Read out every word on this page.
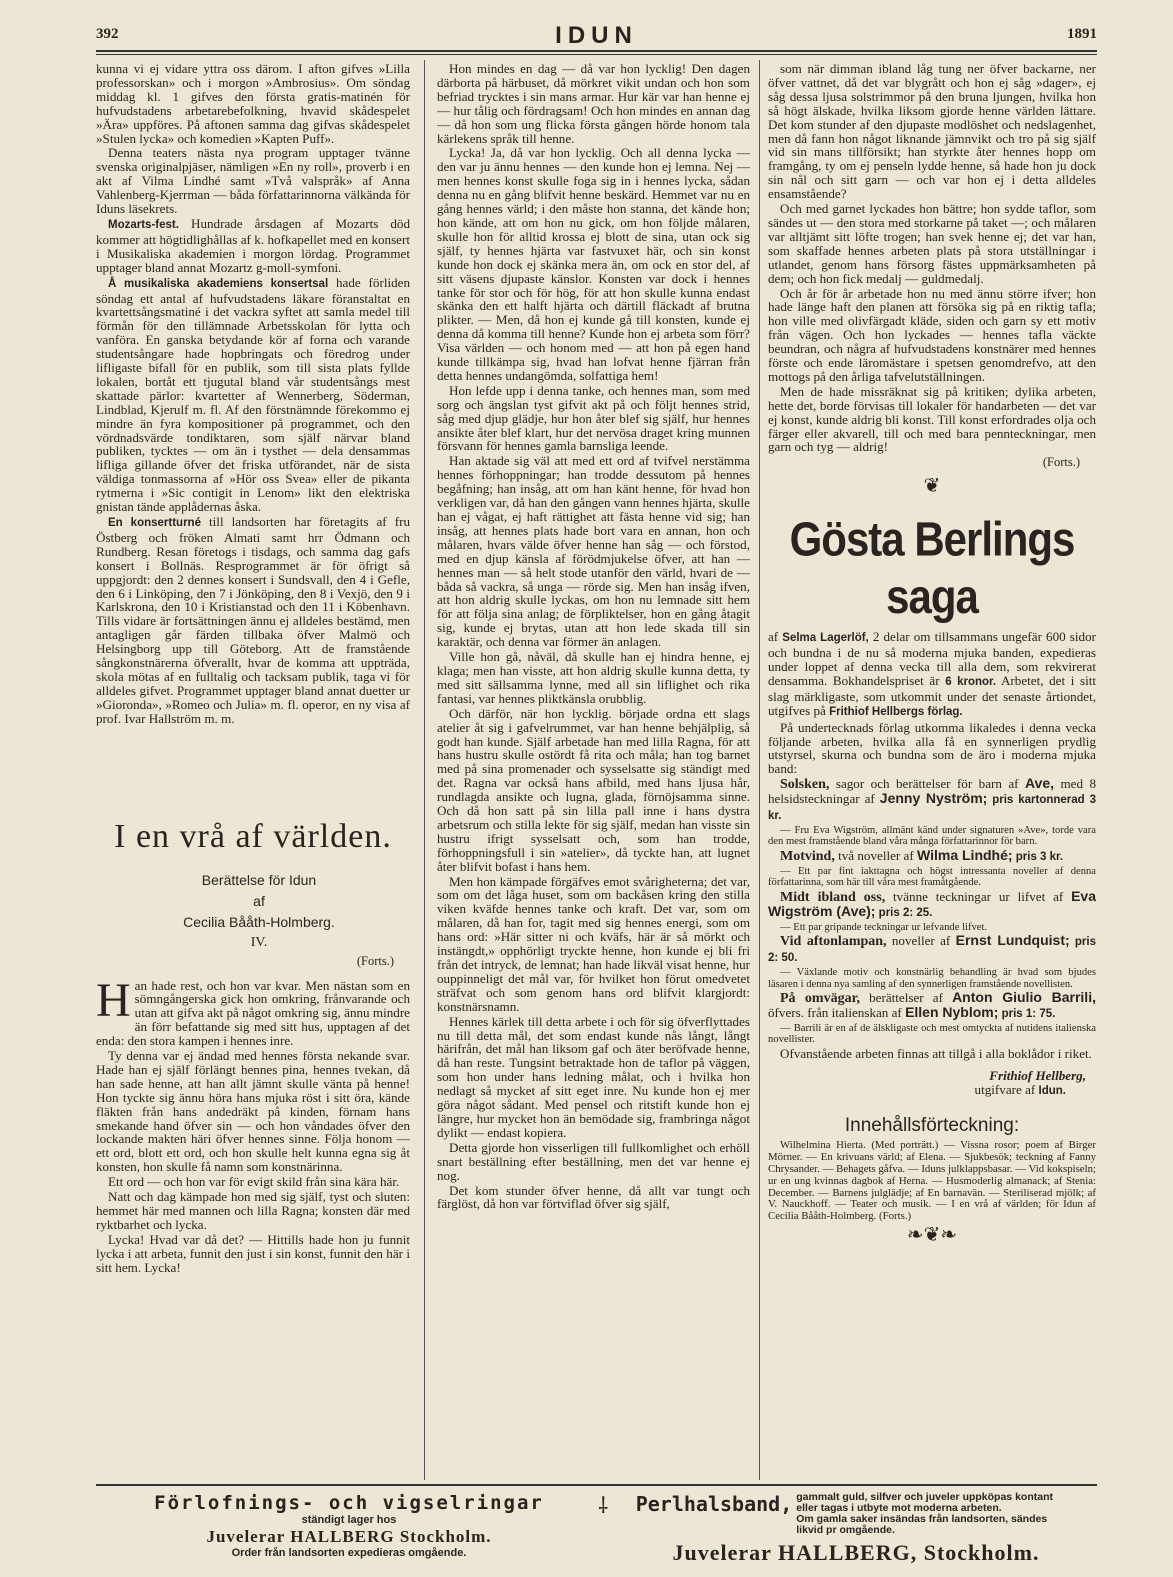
392	IDUN	1891

kunna vi ej vidare yttra oss därom. I afton gifves »Lilla professorskan» och i morgon »Ambrosius». Om söndag middag kl. 1 gifves den första gratis-matinén för hufvudstadens arbetarebefolkning, hvavid skådespelet »Ära» uppföres. På aftonen samma dag gifvas skådespelet »Stulen lycka» och komedien »Kapten Puff».

Denna teaters nästa nya program upptager tvänne svenska originalpjäser, nämligen »En ny roll», proverb i en akt af Vilma Lindhé samt »Två valspråk» af Anna Vahlenberg-Kjerrman — båda författarinnorna välkända för Iduns läsekrets.

Mozarts-fest. Hundrade årsdagen af Mozarts död kommer att högtidlighållas af k. hofkapellet med en konsert i Musikaliska akademien i morgon lördag. Programmet upptager bland annat Mozartz g-moll-symfoni.

Å musikaliska akademiens konsertsal hade förliden söndag ett antal af hufvudstadens läkare föranstaltat en kvartettsångsmatiné i det vackra syftet att samla medel till förmån för den tillämnade Arbetsskolan för lytta och vanföra. En ganska betydande kör af forna och varande studentsångare hade hopbringats och föredrog under lifligaste bifall för en publik, som till sista plats fyllde lokalen, bortåt ett tjugutal bland vår studentsångs mest skattade pärlor: kvartetter af Wennerberg, Söderman, Lindblad, Kjerulf m. fl. Af den förstnämnde förekommo ej mindre än fyra kompositioner på programmet, och den vördnadsvärde tondiktaren, som själf närvar bland publiken, tycktes — om än i tysthet — dela densammas lifliga gillande öfver det friska utförandet, när de sista väldiga tonmassorna af »Hör oss Svea» eller de pikanta rytmerna i »Sic contigit in Lenom» likt den elektriska gnistan tände applådernas åska.

En konsertturné till landsorten har företagits af fru Östberg och fröken Almati samt hrr Ödmann och Rundberg. Resan företogs i tisdags, och samma dag gafs konsert i Bollnäs. Resprogrammet är för öfrigt så uppgjordt: den 2 dennes konsert i Sundsvall, den 4 i Gefle, den 6 i Linköping, den 7 i Jönköping, den 8 i Vexjö, den 9 i Karlskrona, den 10 i Kristianstad och den 11 i Köbenhavn. Tills vidare är fortsättningen ännu ej alldeles bestämd, men antagligen går färden tillbaka öfver Malmö och Helsingborg upp till Göteborg. Att de framstående sångkonstnärerna öfverallt, hvar de komma att uppträda, skola mötas af en fulltalig och tacksam publik, taga vi för alldeles gifvet. Programmet upptager bland annat duetter ur »Gioronda», »Romeo och Julia» m. fl. operor, en ny visa af prof. Ivar Hallström m. m.

I en vrå af världen.

Berättelse för Idun

af

Cecilia Bååth-Holmberg.

IV.

(Forts.)

Han hade rest, och hon var kvar. Men nästan som en sömngångerska gick hon omkring, frånvarande och utan att gifva akt på något omkring sig, ännu mindre än förr befattande sig med sitt hus, upptagen af det enda: den stora kampen i hennes inre.

Ty denna var ej ändad med hennes första nekande svar. Hade han ej själf förlängt hennes pina, hennes tvekan, då han sade henne, att han allt jämnt skulle vänta på henne! Hon tyckte sig ännu höra hans mjuka röst i sitt öra, kände fläkten från hans andedräkt på kinden, förnam hans smekande hand öfver sin — och hon våndades öfver den lockande makten häri öfver hennes sinne. Följa honom — ett ord, blott ett ord, och hon skulle helt kunna egna sig åt konsten, hon skulle få namn som konstnärinna.

Ett ord — och hon var för evigt skild från sina kära här.

Natt och dag kämpade hon med sig själf, tyst och sluten: hemmet här med mannen och lilla Ragna; konsten där med ryktbarhet och lycka.

Lycka! Hvad var då det? — Hittills hade hon ju funnit lycka i att arbeta, funnit den just i sin konst, funnit den här i sitt hem. Lycka!

Hon mindes en dag — då var hon lycklig! Den dagen därborta på härbuset, då mörkret vikit undan och hon som befriad trycktes i sin mans armar. Hur kär var han henne ej — hur tålig och fördragsam! Och hon mindes en annan dag — då hon som ung flicka första gången hörde honom tala kärlekens språk till henne.

Lycka! Ja, då var hon lycklig. Och all denna lycka — den var ju ännu hennes — den kunde hon ej lemna. Nej — men hennes konst skulle foga sig in i hennes lycka, sådan denna nu en gång blifvit henne beskärd. Hemmet var nu en gång hennes värld; i den måste hon stanna, det kände hon; hon kände, att om hon nu gick, om hon följde målaren, skulle hon för alltid krossa ej blott de sina, utan ock sig själf, ty hennes hjärta var fastvuxet här, och sin konst kunde hon dock ej skänka mera än, om ock en stor del, af sitt väsens djupaste känslor. Konsten var dock i hennes tanke för stor och för hög, för att hon skulle kunna endast skänka den ett halft hjärta och därtill fläckadt af brutna plikter. — Men, då hon ej kunde gå till konsten, kunde ej denna då komma till henne? Kunde hon ej arbeta som förr? Visa världen — och honom med — att hon på egen hand kunde tillkämpa sig, hvad han lofvat henne fjärran från detta hennes undangömda, solfattiga hem!

Hon lefde upp i denna tanke, och hennes man, som med sorg och ängslan tyst gifvit akt på och följt hennes strid, såg med djup glädje, hur hon åter blef sig själf, hur hennes ansikte åter blef klart, hur det nervösa draget kring munnen försvann för hennes gamla barnsliga leende.

Han aktade sig väl att med ett ord af tvifvel nerstämma hennes förhoppningar; han trodde dessutom på hennes begåfning; han insåg, att om han känt henne, för hvad hon verkligen var, då han den gången vann hennes hjärta, skulle han ej vågat, ej haft rättighet att fästa henne vid sig; han insåg, att hennes plats hade bort vara en annan, hon och målaren, hvars välde öfver henne han såg — och förstod, med en djup känsla af förödmjukelse öfver, att han — hennes man — så helt stode utanför den värld, hvari de — båda så vackra, så unga — rörde sig. Men han insåg ifven, att hon aldrig skulle lyckas, om hon nu lemnade sitt hem för att följa sina anlag; de förpliktelser, hon en gång åtagit sig, kunde ej brytas, utan att hon lede skada till sin karaktär, och denna var förmer än anlagen.

Ville hon gå, nåväl, då skulle han ej hindra henne, ej klaga; men han visste, att hon aldrig skulle kunna detta, ty med sitt sällsamma lynne, med all sin liflighet och rika fantasi, var hennes pliktkänsla orubblig.

Och därför, när hon lycklig. började ordna ett slags atelier åt sig i gafvelrummet, var han henne behjälplig, så godt han kunde. Själf arbetade han med lilla Ragna, för att hans hustru skulle ostördt få rita och måla; han tog barnet med på sina promenader och sysselsatte sig ständigt med det. Ragna var också hans afbild, med hans ljusa hår, rundlagda ansikte och lugna, glada, förnöjsamma sinne. Och då hon satt på sin lilla pall inne i hans dystra arbetsrum och stilla lekte för sig själf, medan han visste sin hustru ifrigt sysselsatt och, som han trodde, förhoppningsfull i sin »atelier», då tyckte han, att lugnet åter blifvit bofast i hans hem.

Men hon kämpade förgäfves emot svårigheterna; det var, som om det låga huset, som om backåsen kring den stilla viken kväfde hennes tanke och kraft. Det var, som om målaren, då han for, tagit med sig hennes energi, som om hans ord: »Här sitter ni och kväfs, här är så mörkt och instängdt,» opphörligt tryckte henne, hon kunde ej bli fri från det intryck, de lemnat; han hade likväl visat henne, hur ouppinneligt det mål var, för hvilket hon förut omedvetet sträfvat och som genom hans ord blifvit klargjordt: konstnärsnamn.

Hennes kärlek till detta arbete i och för sig öfverflyttades nu till detta mål, det som endast kunde nås långt, långt härifrån, det mål han liksom gaf och äter beröfvade henne, då han reste. Tungsint betraktade hon de taflor på väggen, som hon under hans ledning målat, och i hvilka hon nedlagt så mycket af sitt eget inre. Nu kunde hon ej mer göra något sådant. Med pensel och ritstift kunde hon ej längre, hur mycket hon än bemödade sig, frambringa något dylikt — endast kopiera.

Detta gjorde hon visserligen till fullkomlighet och erhöll snart beställning efter beställning, men det var henne ej nog.

Det kom stunder öfver henne, då allt var tungt och färglöst, då hon var förtviflad öfver sig själf,

som när dimman ibland låg tung ner öfver backarne, ner öfver vattnet, då det var blygrått och hon ej såg »dager», ej såg dessa ljusa solstrimmor på den bruna ljungen, hvilka hon så högt älskade, hvilka liksom gjorde henne världen lättare. Det kom stunder af den djupaste modlöshet och nedslagenhet, men då fann hon något liknande jämnvikt och tro på sig själf vid sin mans tillförsikt; han styrkte åter hennes hopp om framgång, ty om ej penseln lydde henne, så hade hon ju dock sin nål och sitt garn — och var hon ej i detta alldeles ensamstående?

Och med garnet lyckades hon bättre; hon sydde taflor, som sändes ut — den stora med storkarne på taket —; och målaren var alltjämt sitt löfte trogen; han svek henne ej; det var han, som skaffade hennes arbeten plats på stora utställningar i utlandet, genom hans försorg fästes uppmärksamheten på dem; och hon fick medalj — guldmedalj.

Och år för år arbetade hon nu med ännu större ifver; hon hade länge haft den planen att försöka sig på en riktig tafla; hon ville med olivfärgadt kläde, siden och garn sy ett motiv från vägen. Och hon lyckades — hennes tafla väckte beundran, och några af hufvudstadens konstnärer med hennes förste och ende läromästare i spetsen genomdrefvo, att den mottogs på den årliga tafvelutställningen.

Men de hade missräknat sig på kritiken; dylika arbeten, hette det, borde förvisas till lokaler för handarbeten — det var ej konst, kunde aldrig bli konst. Till konst erfordrades olja och färger eller akvarell, till och med bara pennteckningar, men garn och tyg — aldrig!

(Forts.)
❦
Gösta Berlings saga

af Selma Lagerlöf, 2 delar om tillsammans ungefär 600 sidor och bundna i de nu så moderna mjuka banden, expedieras under loppet af denna vecka till alla dem, som rekvirerat densamma. Bokhandelspriset är 6 kronor. Arbetet, det i sitt slag märkligaste, som utkommit under det senaste årtiondet, utgifves på Frithiof Hellbergs förlag.

På undertecknads förlag utkomma likaledes i denna vecka följande arbeten, hvilka alla få en synnerligen prydlig utstyrsel, skurna och bundna som de äro i moderna mjuka band:

Solsken, sagor och berättelser för barn af Ave, med 8 helsidsteckningar af Jenny Nyström; pris kartonnerad 3 kr.

— Fru Eva Wigström, allmänt känd under signaturen »Ave», torde vara den mest framstående bland våra många författarinnor för barn.

Motvind, två noveller af Wilma Lindhé; pris 3 kr.

— Ett par fint iakttagna och högst intressanta noveller af denna författarinna, som här till våra mest framåtgående.

Midt ibland oss, tvänne teckningar ur lifvet af Eva Wigström (Ave); pris 2: 25.

— Ett par gripande teckningar ur lefvande lifvet.

Vid aftonlampan, noveller af Ernst Lundquist; pris 2: 50.

— Växlande motiv och konstnärlig behandling är hvad som bjudes läsaren i denna nya samling af den synnerligen framstående novellisten.

På omvägar, berättelser af Anton Giulio Barrili, öfvers. från italienskan af Ellen Nyblom; pris 1: 75.

— Barrili är en af de älskligaste och mest omtyckta af nutidens italienska novellister.

Ofvanstående arbeten finnas att tillgå i alla boklådor i riket.

Frithiof Hellberg,
utgifvare af Idun.
Innehållsförteckning:

Wilhelmina Hierta. (Med porträtt.) — Vissna rosor; poem af Birger Mörner. — En krivuans värld; af Elena. — Sjukbesök; teckning af Fanny Chrysander. — Behagets gåfva. — Iduns julklappsbasar. — Vid kokspiseln; ur en ung kvinnas dagbok af Herna. — Husmoderlig almanack; af Stenia: December. — Barnens julglädje; af En barnavän. — Steriliserad mjölk; af V. Nauckhoff. — Teater och musik. — I en vrå af världen; för Idun af Cecilia Bååth-Holmberg. (Forts.)

❧❦❧
Förlofnings- och vigselringar
ständigt lager hos
Juvelerar HALLBERG Stockholm.
Order från landsorten expedieras omgående.
⸸	Perlhalsband, gammalt guld, silfver och juveler uppköpas kontant eller tagas i utbyte mot moderna arbeten.
Om gamla saker insändas från landsorten, sändes likvid pr omgående.
Juvelerar HALLBERG, Stockholm.
